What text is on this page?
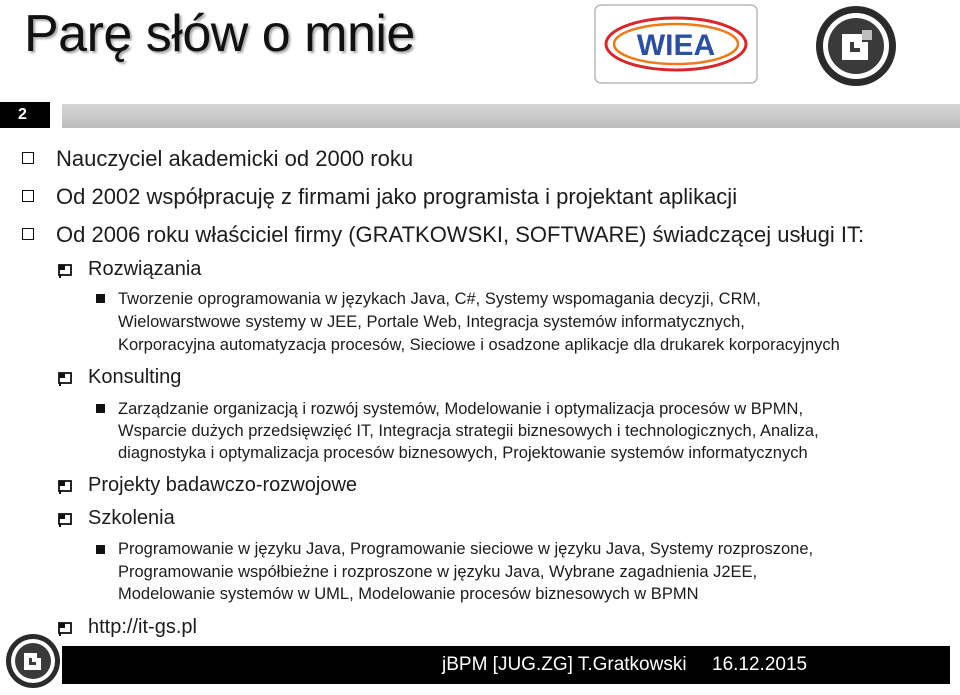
Parę słów o mnie	WIEA
2
Nauczyciel akademicki od 2000 roku
Od 2002 współpracuję z firmami jako programista i projektant aplikacji
Od 2006 roku właściciel firmy (GRATKOWSKI, SOFTWARE) świadczącej usługi IT:
Rozwiązania
Tworzenie oprogramowania w językach Java, C#, Systemy wspomagania decyzji, CRM,
Wielowarstwowe systemy w JEE, Portale Web, Integracja systemów informatycznych,
Korporacyjna automatyzacja procesów, Sieciowe i osadzone aplikacje dla drukarek korporacyjnych
Konsulting
Zarządzanie organizacją i rozwój systemów, Modelowanie i optymalizacja procesów w BPMN,
Wsparcie dużych przedsięwzięć IT, Integracja strategii biznesowych i technologicznych, Analiza,
diagnostyka i optymalizacja procesów biznesowych, Projektowanie systemów informatycznych
Projekty badawczo-rozwojowe
Szkolenia
Programowanie w języku Java, Programowanie sieciowe w języku Java, Systemy rozproszone,
Programowanie współbieżne i rozproszone w języku Java, Wybrane zagadnienia J2EE,
Modelowanie systemów w UML, Modelowanie procesów biznesowych w BPMN
http://it-gs.pl
jBPM [JUG.ZG] T.Gratkowski 16.12.2015
